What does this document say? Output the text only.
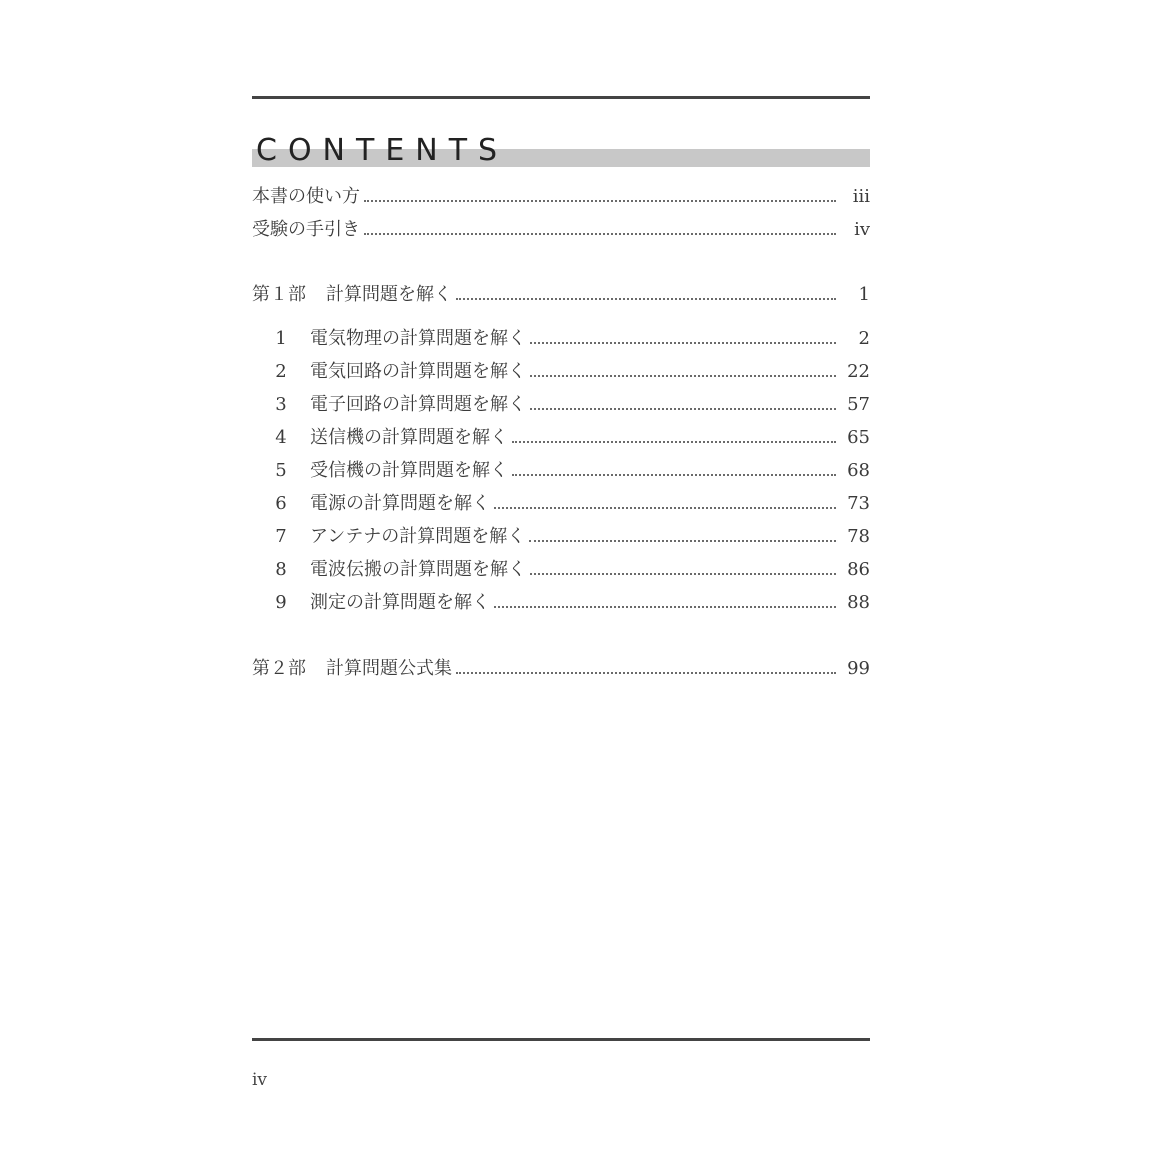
CONTENTS
本書の使い方	iii
受験の手引き	iv
第１部 計算問題を解く	1
1	電気物理の計算問題を解く	2
2	電気回路の計算問題を解く	22
3	電子回路の計算問題を解く	57
4	送信機の計算問題を解く	65
5	受信機の計算問題を解く	68
6	電源の計算問題を解く	73
7	アンテナの計算問題を解く	78
8	電波伝搬の計算問題を解く	86
9	測定の計算問題を解く	88
第２部 計算問題公式集	99
iv
